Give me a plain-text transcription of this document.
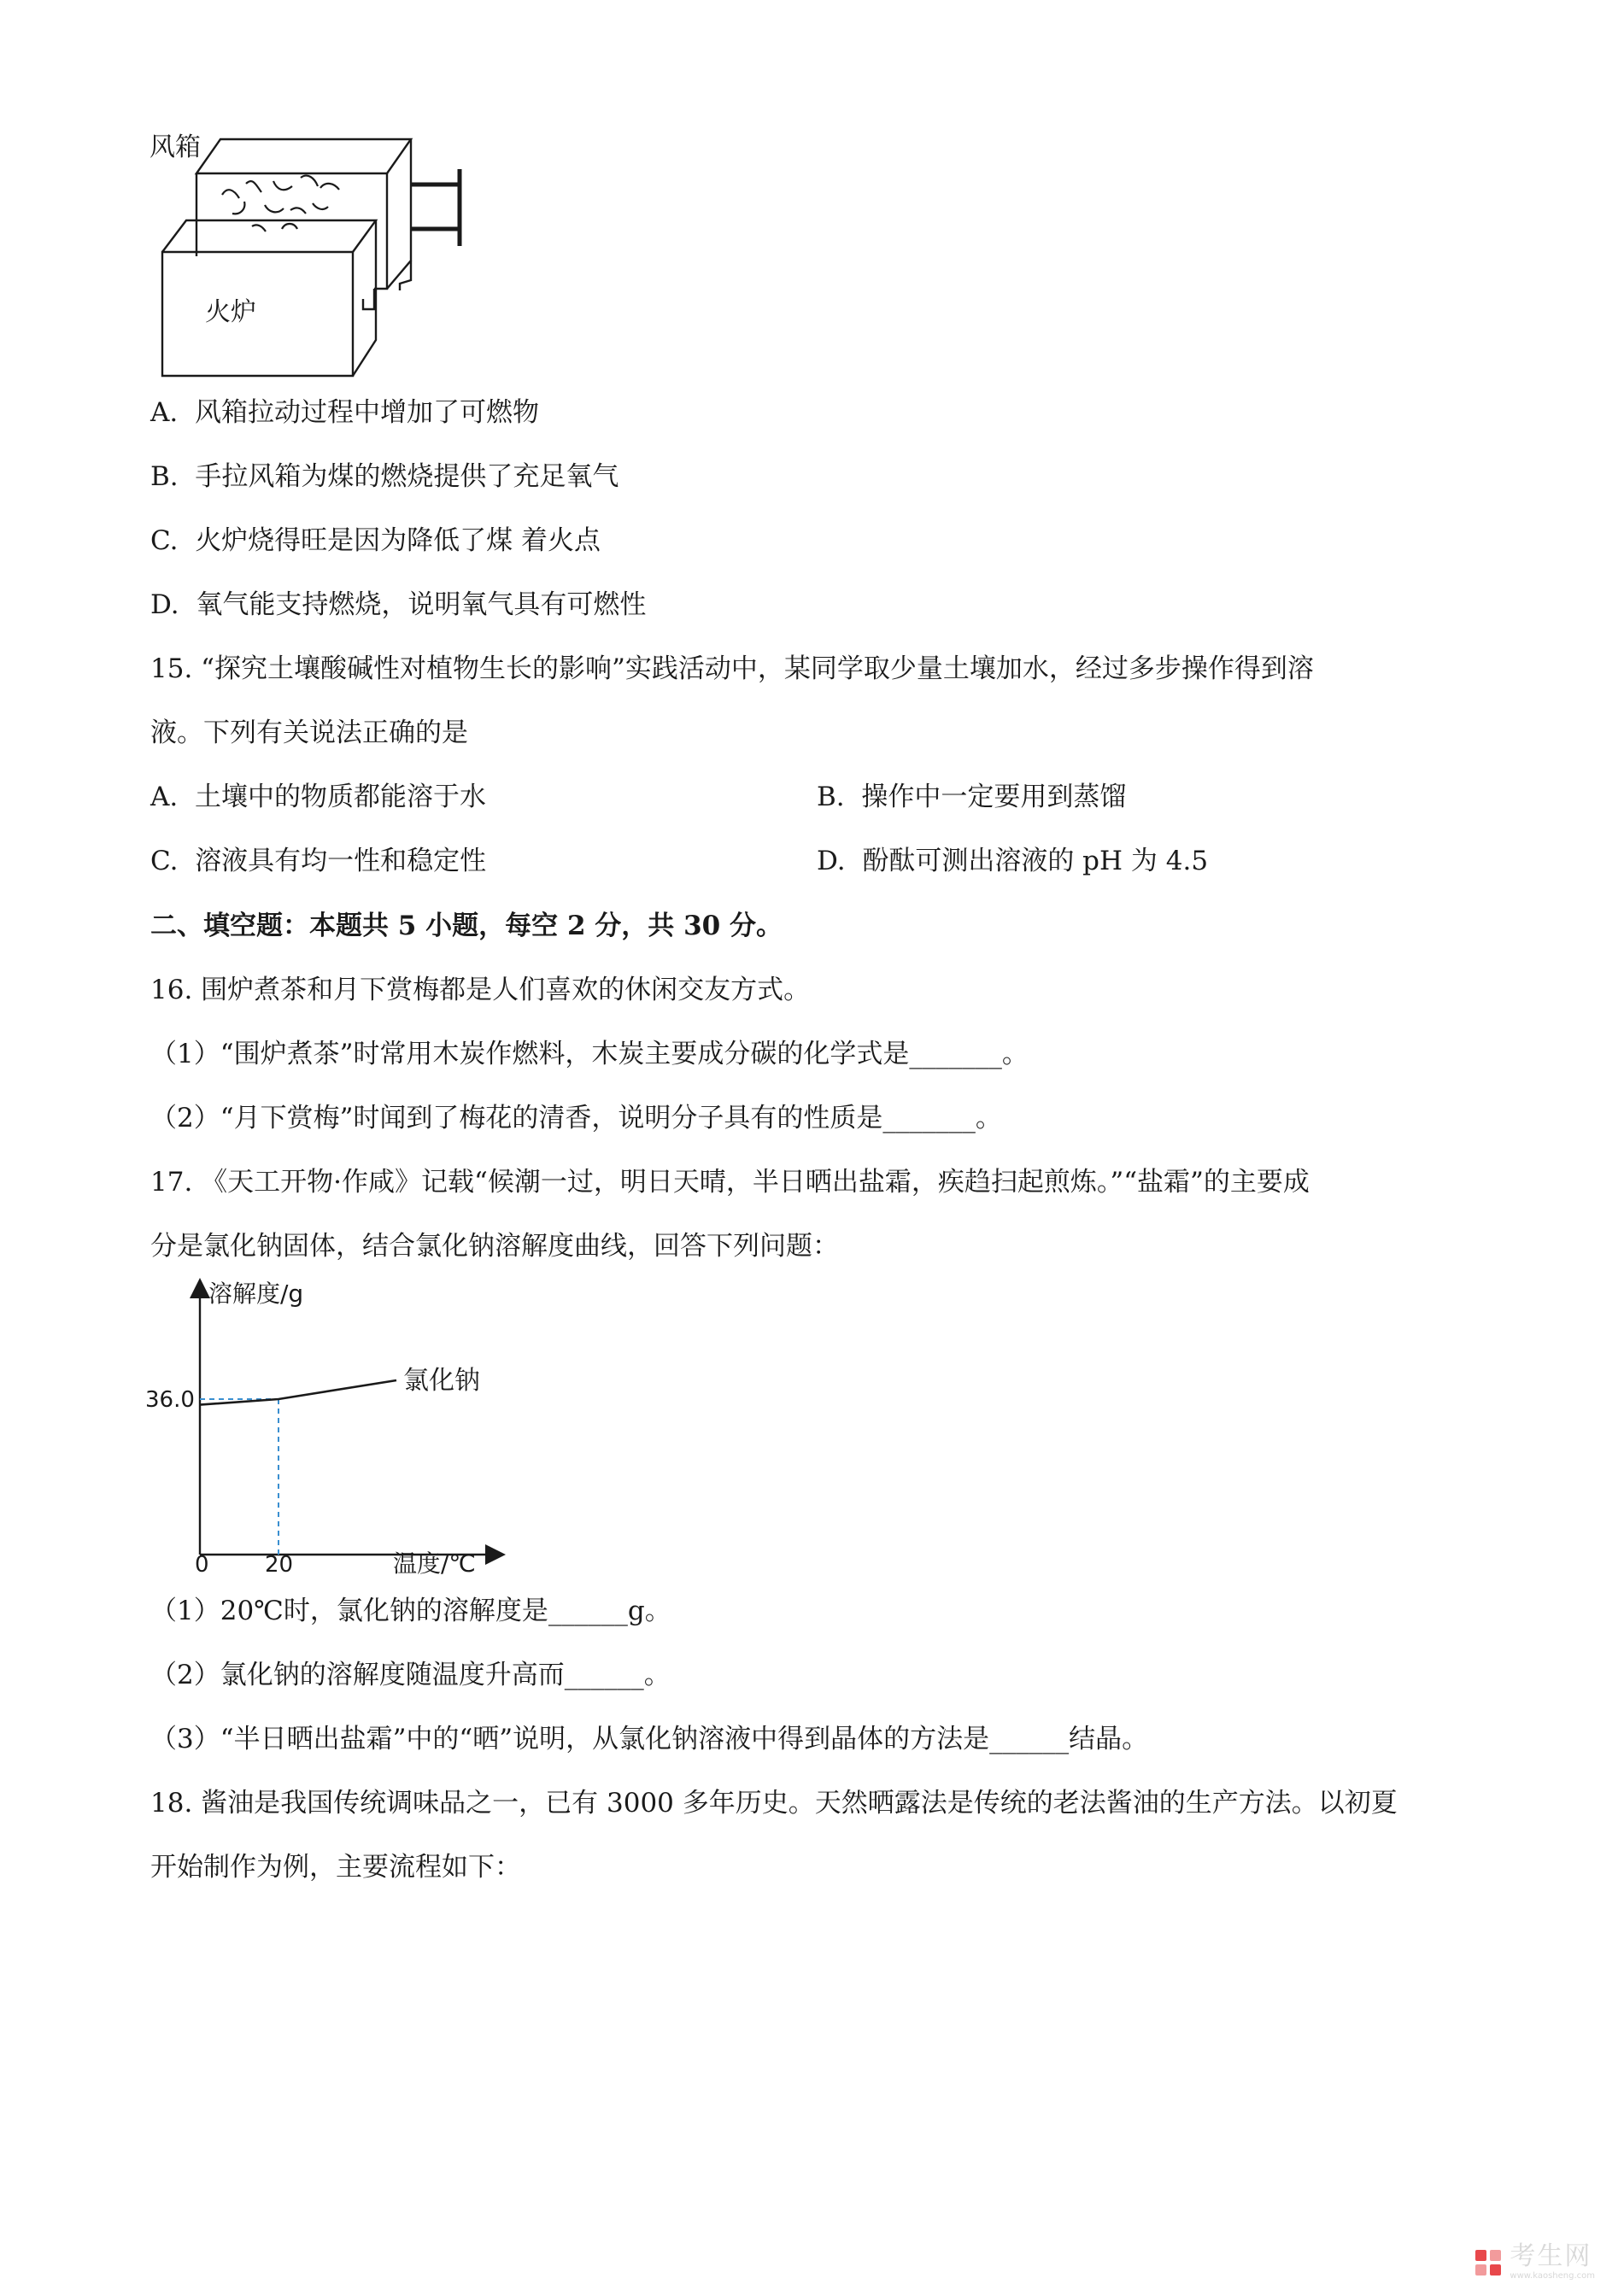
风箱
火炉
A. 风箱拉动过程中增加了可燃物
B. 手拉风箱为煤的燃烧提供了充足氧气
C. 火炉烧得旺是因为降低了煤 着火点
D. 氧气能支持燃烧，说明氧气具有可燃性
15. “探究土壤酸碱性对植物生长的影响”实践活动中，某同学取少量土壤加水，经过多步操作得到溶
液。下列有关说法正确的是
A. 土壤中的物质都能溶于水	B. 操作中一定要用到蒸馏
C. 溶液具有均一性和稳定性	D. 酚酞可测出溶液的 pH 为 4.5
二、填空题：本题共 5 小题，每空 2 分，共 30 分。
16. 围炉煮茶和月下赏梅都是人们喜欢的休闲交友方式。
（1）“围炉煮茶”时常用木炭作燃料，木炭主要成分碳的化学式是_______。
（2）“月下赏梅”时闻到了梅花的清香，说明分子具有的性质是_______。
17. 《天工开物·作咸》记载“候潮一过，明日天晴，半日晒出盐霜，疾趋扫起煎炼。”“盐霜”的主要成
分是氯化钠固体，结合氯化钠溶解度曲线，回答下列问题：
溶解度/g
温度/℃
0	20
36.0
氯化钠
（1）20℃时，氯化钠的溶解度是______g。
（2）氯化钠的溶解度随温度升高而______。
（3）“半日晒出盐霜”中的“晒”说明，从氯化钠溶液中得到晶体的方法是______结晶。
18. 酱油是我国传统调味品之一，已有 3000 多年历史。天然晒露法是传统的老法酱油的生产方法。以初夏
开始制作为例，主要流程如下：
考生网
www.kaosheng.com
